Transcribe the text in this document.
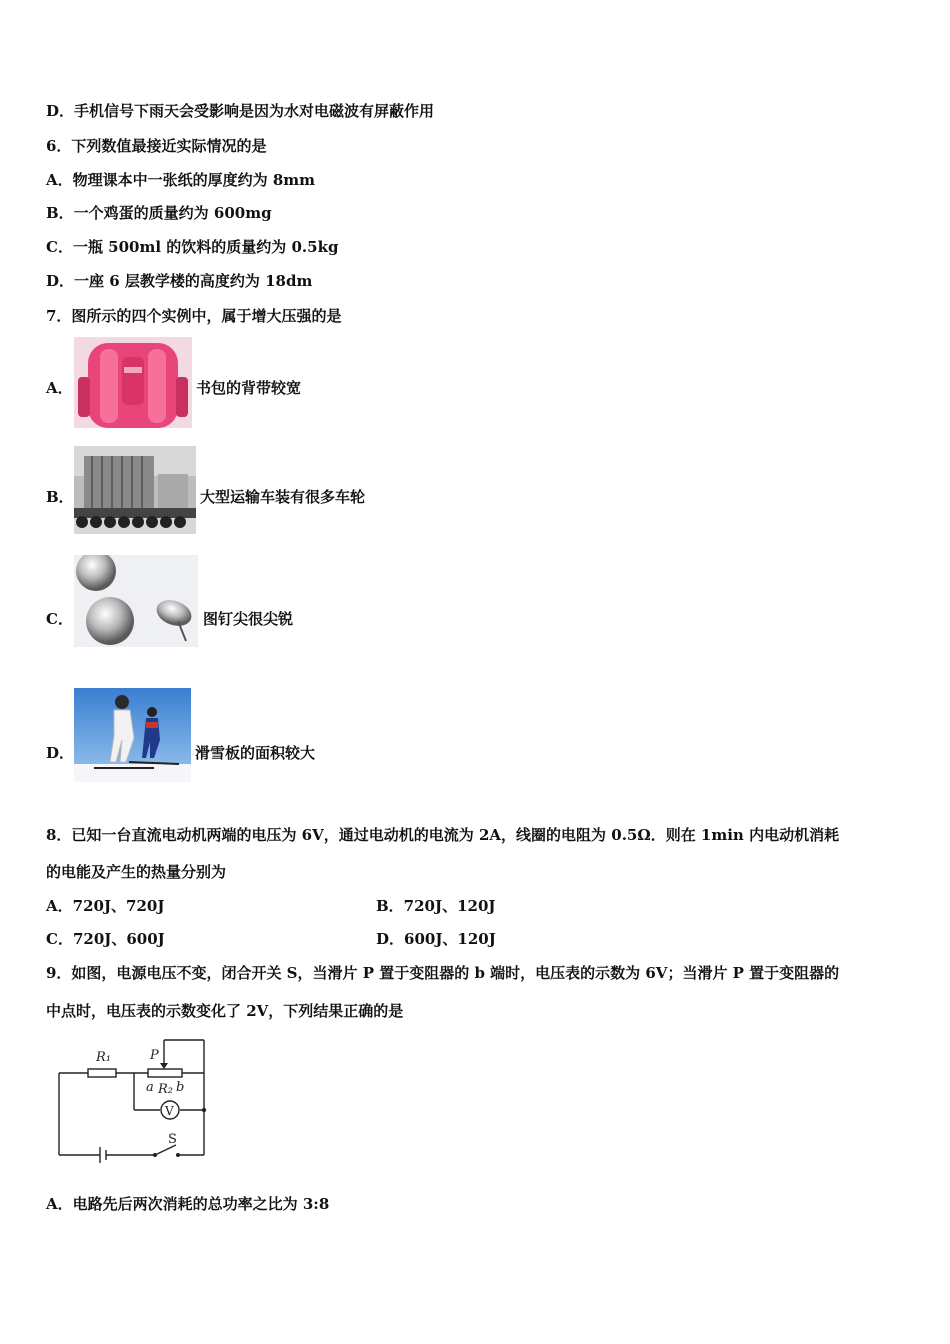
D．手机信号下雨天会受影响是因为水对电磁波有屏蔽作用
6．下列数值最接近实际情况的是
A．物理课本中一张纸的厚度约为 8mm
B．一个鸡蛋的质量约为 600mg
C．一瓶 500ml 的饮料的质量约为 0.5kg
D．一座 6 层教学楼的高度约为 18dm
7．图所示的四个实例中，属于增大压强的是
A．	书包的背带较宽
B．	大型运输车装有很多车轮
C．	图钉尖很尖锐
D．	滑雪板的面积较大
8．已知一台直流电动机两端的电压为 6V，通过电动机的电流为 2A，线圈的电阻为 0.5Ω．则在 1min 内电动机消耗
的电能及产生的热量分别为
A．720J、720J	B．720J、120J
C．720J、600J	D．600J、120J
9．如图，电源电压不变，闭合开关 S，当滑片 P 置于变阻器的 b 端时，电压表的示数为 6V；当滑片 P 置于变阻器的
中点时，电压表的示数变化了 2V，下列结果正确的是
R₁	P
a R₂ b
V
S
A．电路先后两次消耗的总功率之比为 3:8
